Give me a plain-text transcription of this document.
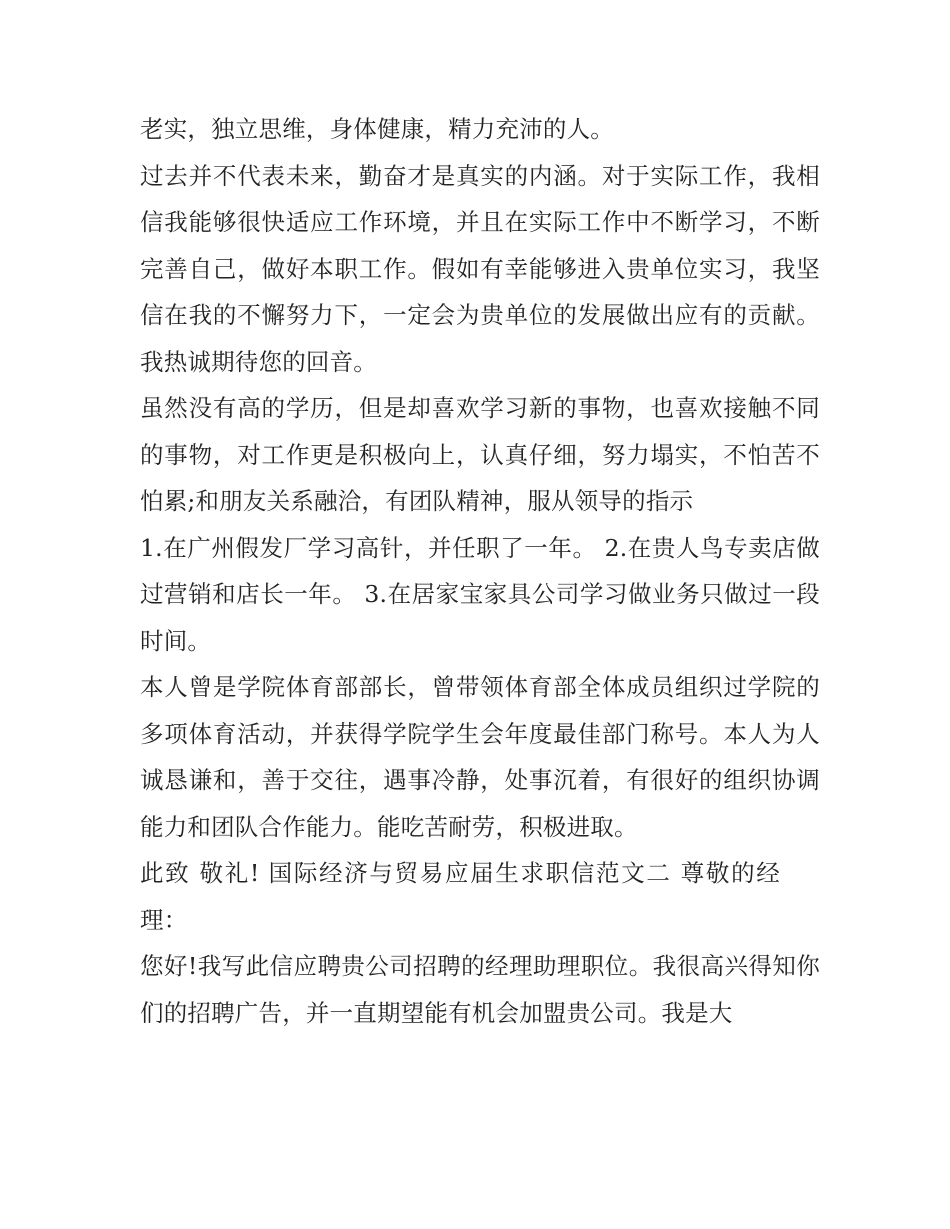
老实，独立思维，身体健康，精力充沛的人。

过去并不代表未来，勤奋才是真实的内涵。对于实际工作，我相信我能够很快适应工作环境，并且在实际工作中不断学习，不断完善自己，做好本职工作。假如有幸能够进入贵单位实习，我坚信在我的不懈努力下，一定会为贵单位的发展做出应有的贡献。我热诚期待您的回音。

虽然没有高的学历，但是却喜欢学习新的事物，也喜欢接触不同的事物，对工作更是积极向上，认真仔细，努力塌实，不怕苦不怕累;和朋友关系融洽，有团队精神，服从领导的指示

1.在广州假发厂学习高针，并任职了一年。 2.在贵人鸟专卖店做过营销和店长一年。 3.在居家宝家具公司学习做业务只做过一段时间。

本人曾是学院体育部部长，曾带领体育部全体成员组织过学院的多项体育活动，并获得学院学生会年度最佳部门称号。本人为人诚恳谦和，善于交往，遇事冷静，处事沉着，有很好的组织协调能力和团队合作能力。能吃苦耐劳，积极进取。

此致 敬礼! 国际经济与贸易应届生求职信范文二 尊敬的经理：

您好!我写此信应聘贵公司招聘的经理助理职位。我很高兴得知你们的招聘广告，并一直期望能有机会加盟贵公司。我是大
